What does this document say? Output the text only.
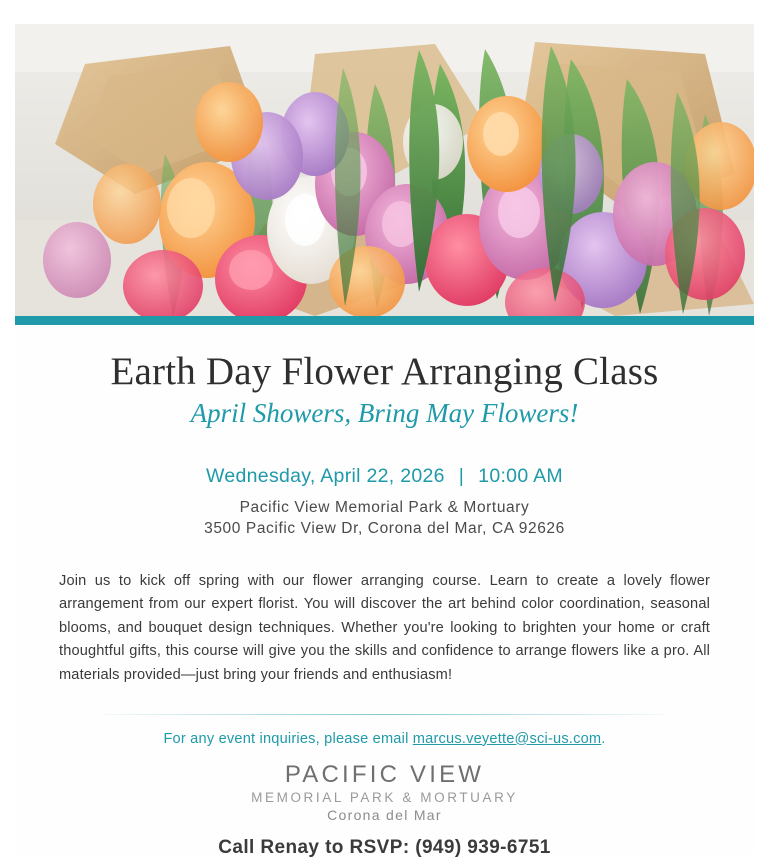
Earth Day Flower Arranging Class
April Showers, Bring May Flowers!
Wednesday, April 22, 2026 | 10:00 AM
Pacific View Memorial Park & Mortuary
3500 Pacific View Dr, Corona del Mar, CA 92626

Join us to kick off spring with our flower arranging course. Learn to create a lovely flower arrangement from our expert florist. You will discover the art behind color coordination, seasonal blooms, and bouquet design techniques. Whether you're looking to brighten your home or craft thoughtful gifts, this course will give you the skills and confidence to arrange flowers like a pro. All materials provided—just bring your friends and enthusiasm!

For any event inquiries, please email marcus.veyette@sci-us.com.
PACIFIC VIEW
MEMORIAL PARK & MORTUARY
Corona del Mar
Call Renay to RSVP: (949) 939-6751
